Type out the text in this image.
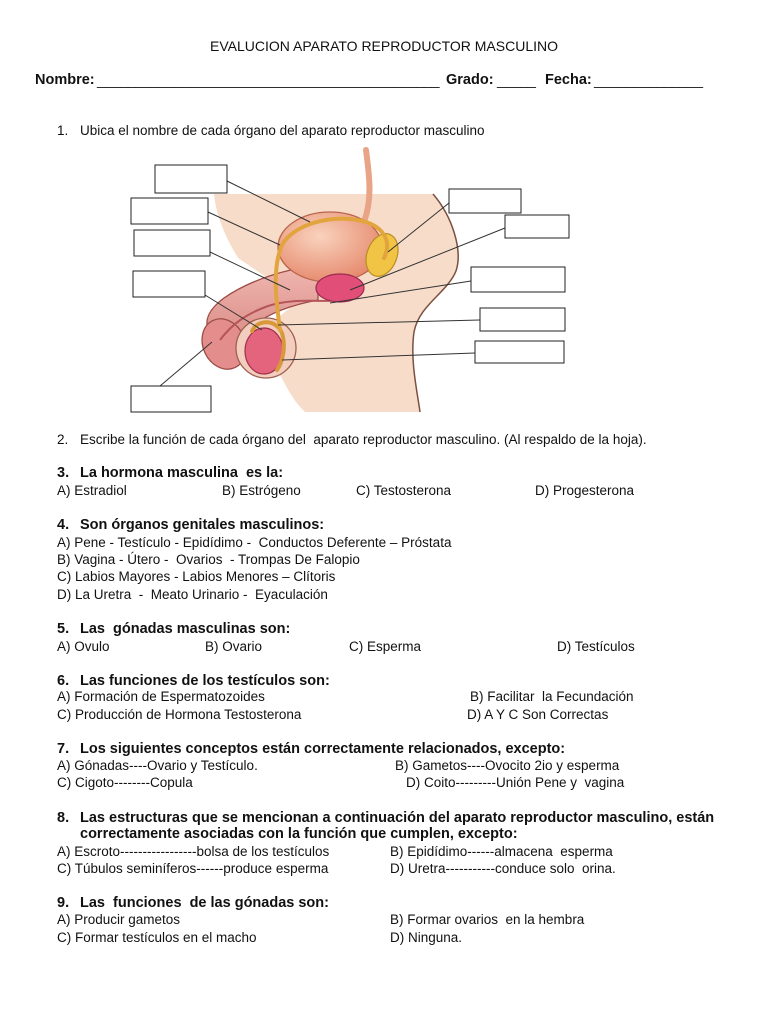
EVALUCION APARATO REPRODUCTOR MASCULINO
Nombre: ____________________________________________ Grado: _____ Fecha: ______________
1. Ubica el nombre de cada órgano del aparato reproductor masculino
2. Escribe la función de cada órgano del  aparato reproductor masculino. (Al respaldo de la hoja).
3. La hormona masculina  es la:
A) Estradiol	B) Estrógeno	C) Testosterona	D) Progesterona
4. Son órganos genitales masculinos:
A) Pene - Testículo - Epidídimo -  Conductos Deferente – Próstata
B) Vagina - Útero -  Ovarios  - Trompas De Falopio
C) Labios Mayores - Labios Menores – Clítoris
D) La Uretra  -  Meato Urinario -  Eyaculación
5. Las  gónadas masculinas son:
A) Ovulo	B) Ovario	C) Esperma	D) Testículos
6. Las funciones de los testículos son:
A) Formación de Espermatozoides	B) Facilitar  la Fecundación
C) Producción de Hormona Testosterona	D) A Y C Son Correctas
7. Los siguientes conceptos están correctamente relacionados, excepto:
A) Gónadas----Ovario y Testículo.	B) Gametos----Ovocito 2io y esperma
C) Cigoto--------Copula	D) Coito---------Unión Pene y  vagina
8. Las estructuras que se mencionan a continuación del aparato reproductor masculino, están
correctamente asociadas con la función que cumplen, excepto:
A) Escroto-----------------bolsa de los testículos	B) Epidídimo------almacena  esperma
C) Túbulos seminíferos------produce esperma	D) Uretra-----------conduce solo  orina.
9. Las  funciones  de las gónadas son:
A) Producir gametos	B) Formar ovarios  en la hembra
C) Formar testículos en el macho	D) Ninguna.
